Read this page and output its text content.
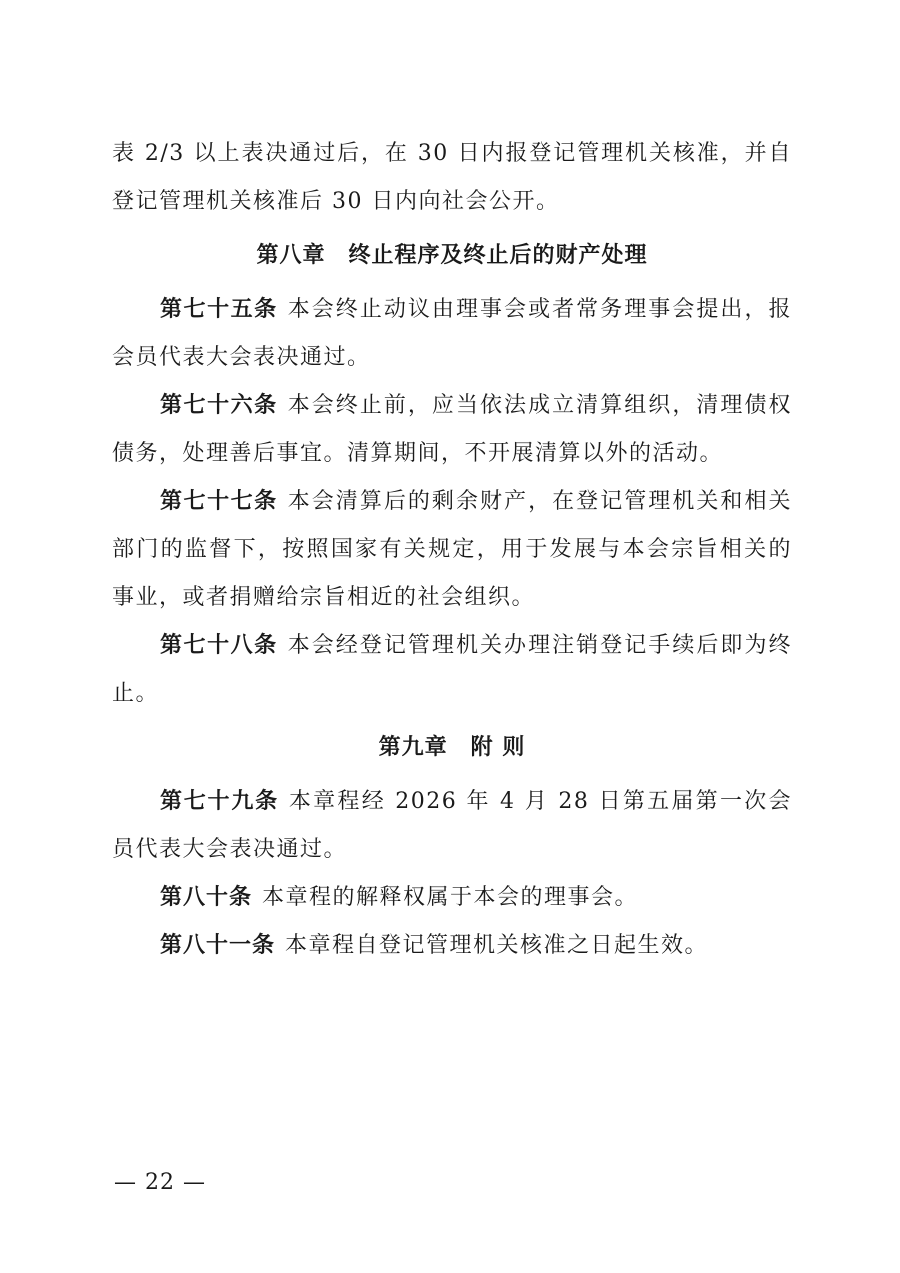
表 2/3 以上表决通过后，在 30 日内报登记管理机关核准，并自登记管理机关核准后 30 日内向社会公开。

第八章　终止程序及终止后的财产处理

第七十五条 本会终止动议由理事会或者常务理事会提出，报会员代表大会表决通过。

第七十六条 本会终止前，应当依法成立清算组织，清理债权债务，处理善后事宜。清算期间，不开展清算以外的活动。

第七十七条 本会清算后的剩余财产，在登记管理机关和相关部门的监督下，按照国家有关规定，用于发展与本会宗旨相关的事业，或者捐赠给宗旨相近的社会组织。

第七十八条 本会经登记管理机关办理注销登记手续后即为终止。

第九章　附 则

第七十九条 本章程经 2026 年 4 月 28 日第五届第一次会员代表大会表决通过。

第八十条 本章程的解释权属于本会的理事会。

第八十一条 本章程自登记管理机关核准之日起生效。

— 22 —
